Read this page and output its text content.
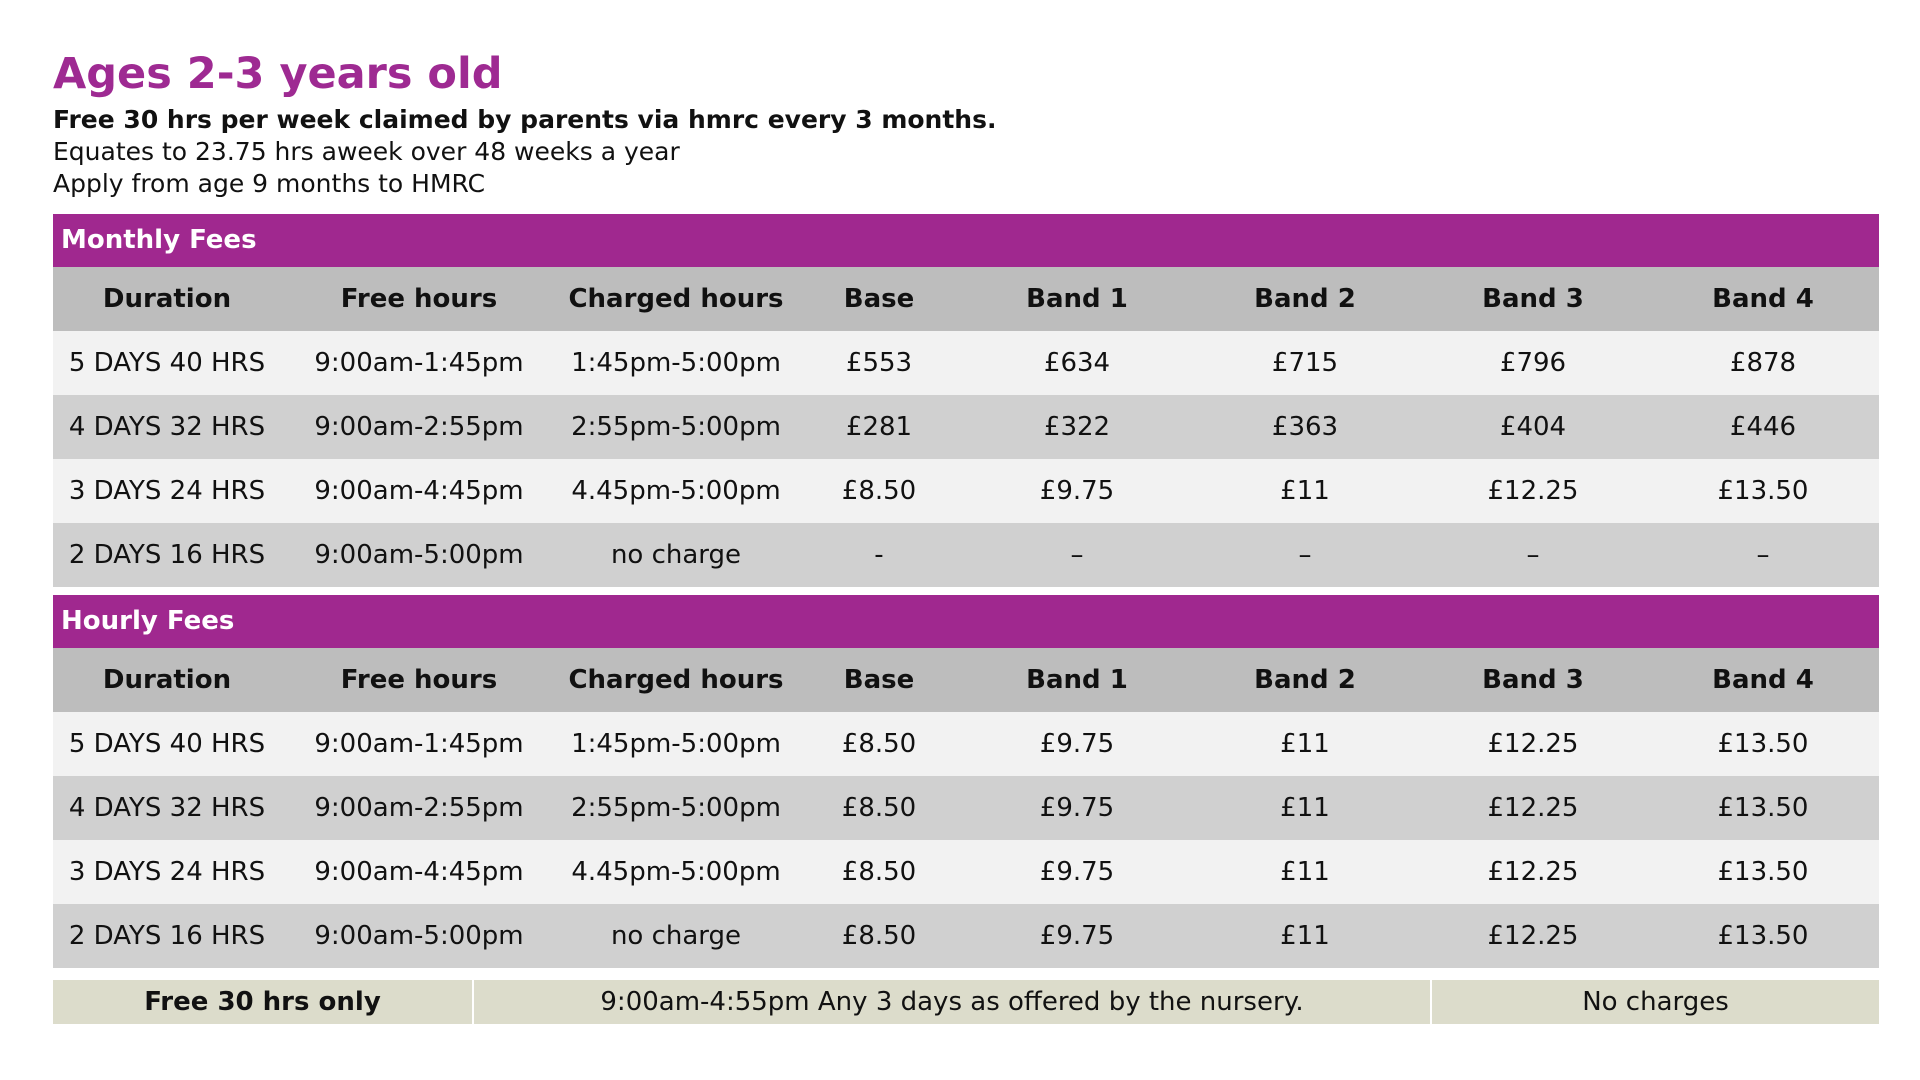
Ages 2-3 years old
Free 30 hrs per week claimed by parents via hmrc every 3 months.
Equates to 23.75 hrs aweek over 48 weeks a year
Apply from age 9 months to HMRC
Monthly Fees
Duration	Free hours	Charged hours	Base	Band 1	Band 2	Band 3	Band 4
5 DAYS 40 HRS	9:00am-1:45pm	1:45pm-5:00pm	£553	£634	£715	£796	£878
4 DAYS 32 HRS	9:00am-2:55pm	2:55pm-5:00pm	£281	£322	£363	£404	£446
3 DAYS 24 HRS	9:00am-4:45pm	4.45pm-5:00pm	£8.50	£9.75	£11	£12.25	£13.50
2 DAYS 16 HRS	9:00am-5:00pm	no charge	-	–	–	–	–
Hourly Fees
Duration	Free hours	Charged hours	Base	Band 1	Band 2	Band 3	Band 4
5 DAYS 40 HRS	9:00am-1:45pm	1:45pm-5:00pm	£8.50	£9.75	£11	£12.25	£13.50
4 DAYS 32 HRS	9:00am-2:55pm	2:55pm-5:00pm	£8.50	£9.75	£11	£12.25	£13.50
3 DAYS 24 HRS	9:00am-4:45pm	4.45pm-5:00pm	£8.50	£9.75	£11	£12.25	£13.50
2 DAYS 16 HRS	9:00am-5:00pm	no charge	£8.50	£9.75	£11	£12.25	£13.50
Free 30 hrs only	9:00am-4:55pm Any 3 days as offered by the nursery.	No charges
